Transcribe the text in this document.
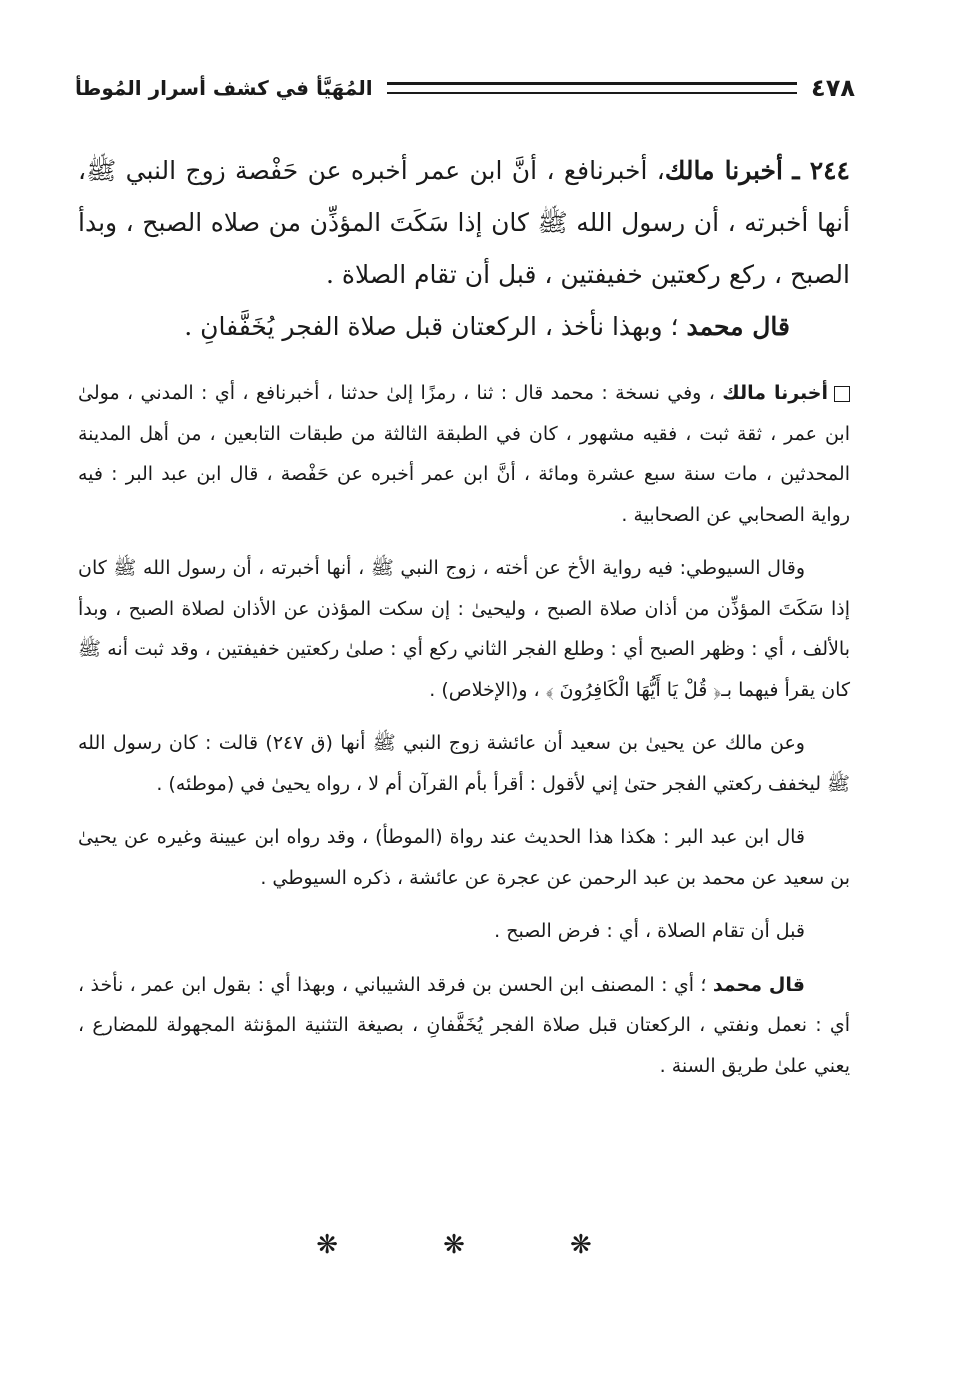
٤٧٨
المُهَيَّأ في كشف أسرار المُوطأ

٢٤٤ ـ أخبرنا مالك، أخبرنافع ، أنَّ ابن عمر أخبره عن حَفْصة زوج النبي ﷺ، أنها أخبرته ، أن رسول الله ﷺ كان إذا سَكَتَ المؤذِّن من صلاه الصبح ، وبدأ الصبح ، ركع ركعتين خفيفتين ، قبل أن تقام الصلاة .

قال محمد ؛ وبهذا نأخذ ، الركعتان قبل صلاة الفجر يُخَفَّفانِ .

أخبرنا مالك ، وفي نسخة : محمد قال : ثنا ، رمزًا إلىٰ حدثنا ، أخبرنافع ، أي : المدني ، مولىٰ ابن عمر ، ثقة ثبت ، فقيه مشهور ، كان في الطبقة الثالثة من طبقات التابعين ، من أهل المدينة المحدثين ، مات سنة سبع عشرة ومائة ، أنَّ ابن عمر أخبره عن حَفْصة ، قال ابن عبد البر : فيه رواية الصحابي عن الصحابية .

وقال السيوطي: فيه رواية الأخ عن أخته ، زوج النبي ﷺ ، أنها أخبرته ، أن رسول الله ﷺ كان إذا سَكَتَ المؤذِّن من أذان صلاة الصبح ، وليحيىٰ : إن سكت المؤذن عن الأذان لصلاة الصبح ، وبدأ بالألف ، أي : وظهر الصبح أي : وطلع الفجر الثاني ركع أي : صلىٰ ركعتين خفيفتين ، وقد ثبت أنه ﷺ كان يقرأ فيهما بـ﴿ قُلْ يَا أَيُّهَا الْكَافِرُونَ ﴾ ، و(الإخلاص) .

وعن مالك عن يحيىٰ بن سعيد أن عائشة زوج النبي ﷺ أنها (ق ٢٤٧) قالت : كان رسول الله ﷺ ليخفف ركعتي الفجر حتىٰ إني لأقول : أقرأ بأم القرآن أم لا ، رواه يحيىٰ في (موطئه) .

قال ابن عبد البر : هكذا هذا الحديث عند رواة (الموطأ) ، وقد رواه ابن عيينة وغيره عن يحيىٰ بن سعيد عن محمد بن عبد الرحمن عن عجرة عن عائشة ، ذكره السيوطي .

قبل أن تقام الصلاة ، أي : فرض الصبح .

قال محمد ؛ أي : المصنف ابن الحسن بن فرقد الشيباني ، وبهذا أي : بقول ابن عمر ، نأخذ ، أي : نعمل ونفتي ، الركعتان قبل صلاة الفجر يُخَفَّفانِ ، بصيغة التثنية المؤنثة المجهولة للمضارع ، يعني علىٰ طريق السنة .

❋ ❋ ❋
